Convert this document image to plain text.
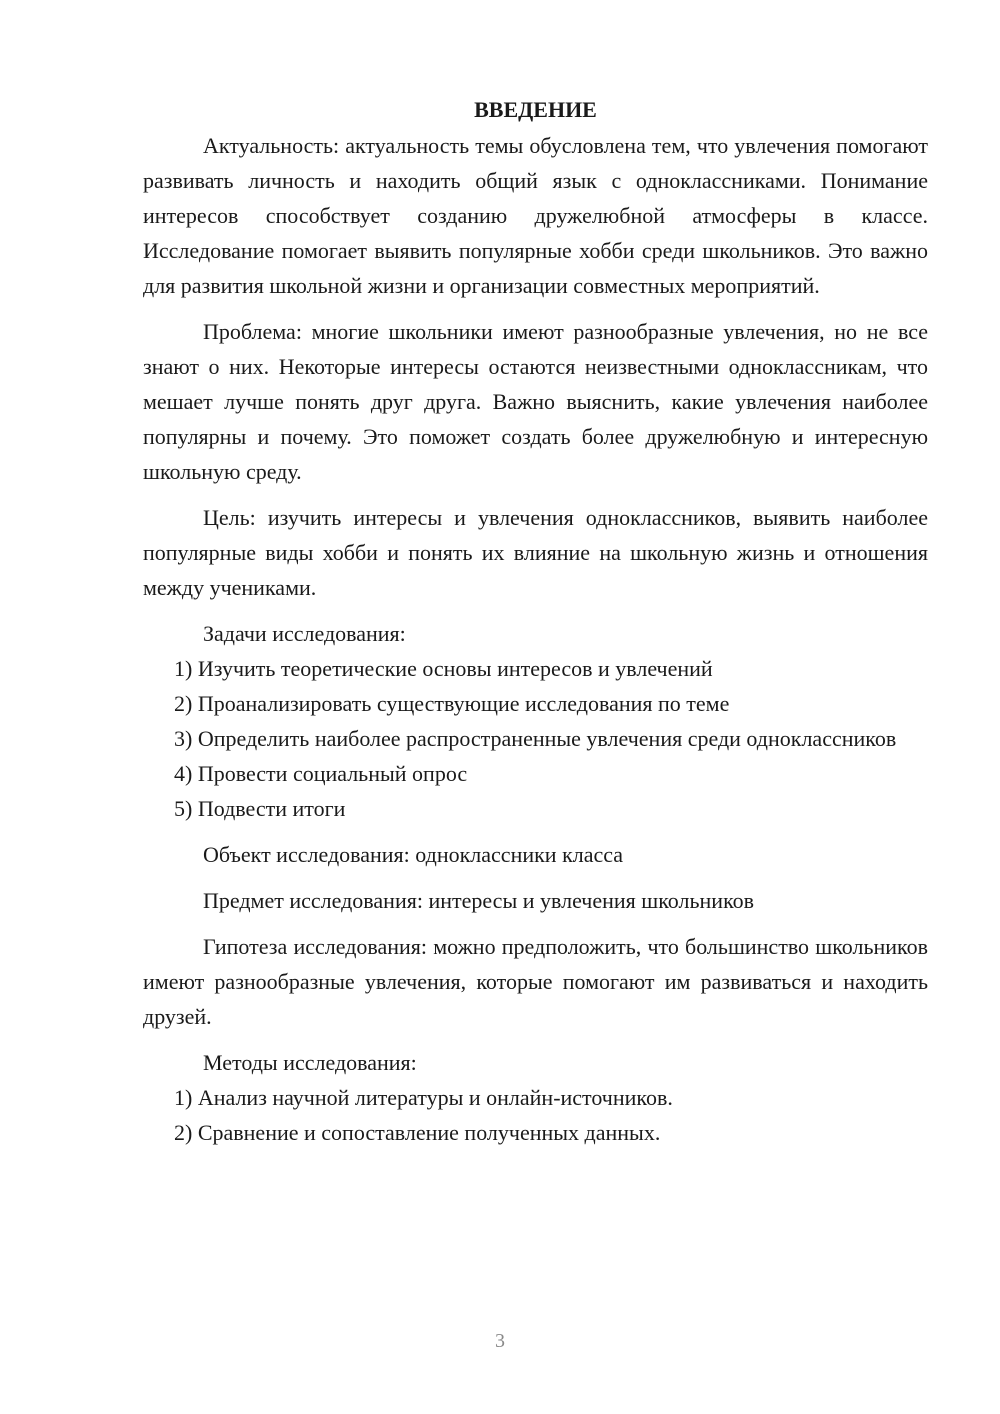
ВВЕДЕНИЕ

Актуальность: актуальность темы обусловлена тем, что увлечения помогают развивать личность и находить общий язык с одноклассниками. Понимание интересов способствует созданию дружелюбной атмосферы в классе. Исследование помогает выявить популярные хобби среди школьников. Это важно для развития школьной жизни и организации совместных мероприятий.

Проблема: многие школьники имеют разнообразные увлечения, но не все знают о них. Некоторые интересы остаются неизвестными одноклассникам, что мешает лучше понять друг друга. Важно выяснить, какие увлечения наиболее популярны и почему. Это поможет создать более дружелюбную и интересную школьную среду.

Цель: изучить интересы и увлечения одноклассников, выявить наиболее популярные виды хобби и понять их влияние на школьную жизнь и отношения между учениками.

Задачи исследования:

1) Изучить теоретические основы интересов и увлечений

2) Проанализировать существующие исследования по теме

3) Определить наиболее распространенные увлечения среди одноклассников

4) Провести социальный опрос

5) Подвести итоги

Объект исследования: одноклассники класса

Предмет исследования: интересы и увлечения школьников

Гипотеза исследования: можно предположить, что большинство школьников имеют разнообразные увлечения, которые помогают им развиваться и находить друзей.

Методы исследования:

1) Анализ научной литературы и онлайн-источников.

2) Сравнение и сопоставление полученных данных.

3
